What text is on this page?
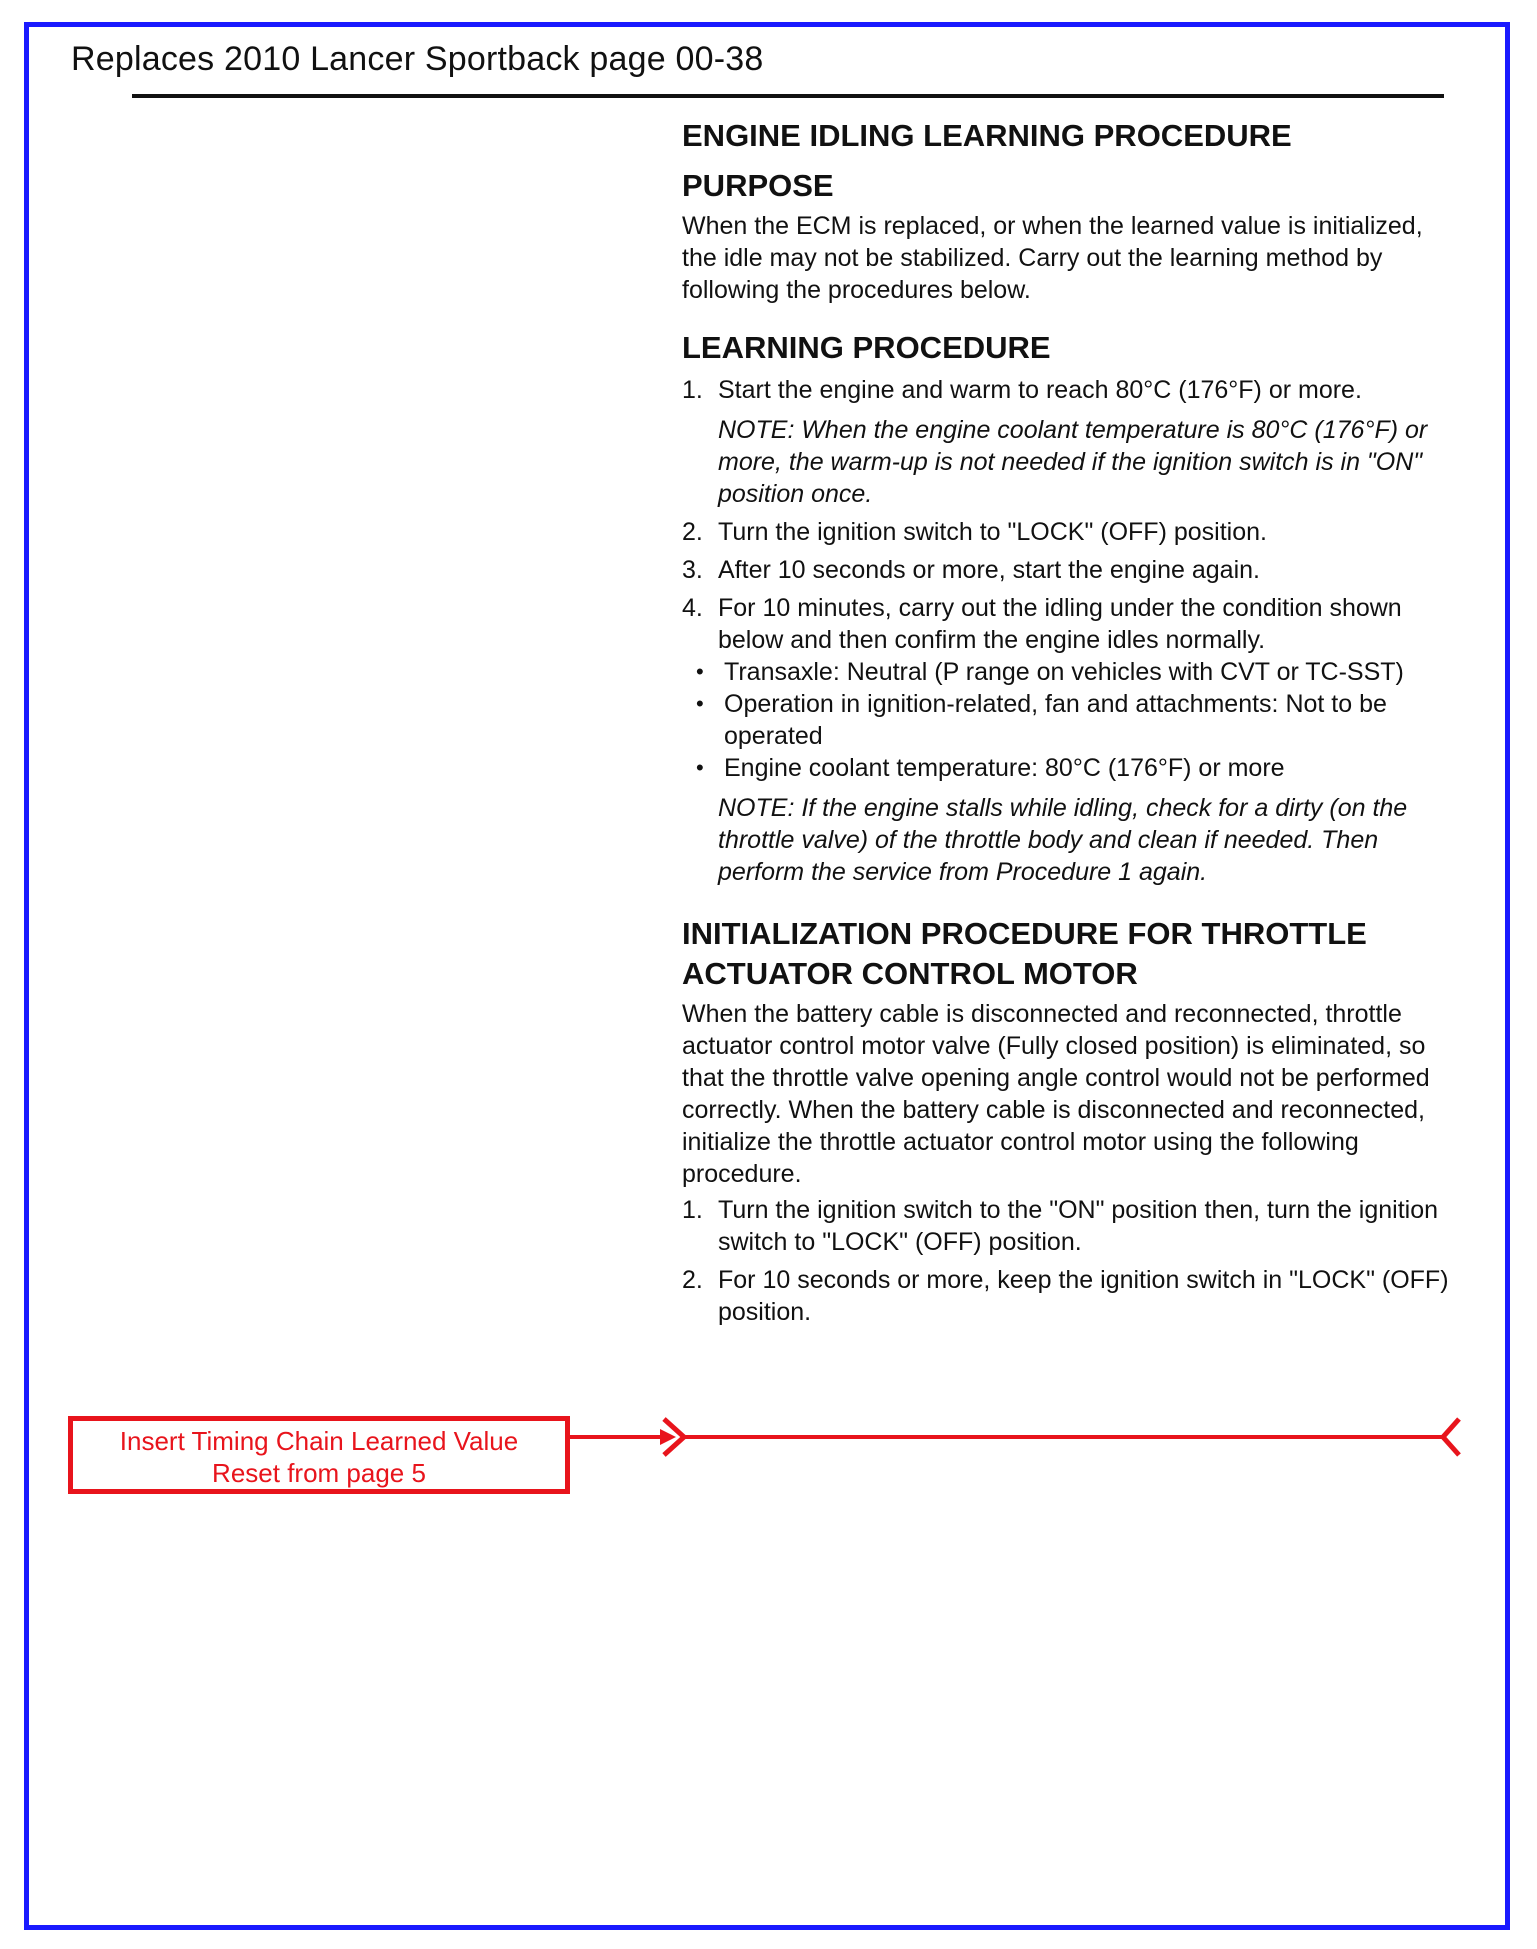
Replaces 2010 Lancer Sportback page 00-38
ENGINE IDLING LEARNING PROCEDURE
PURPOSE

When the ECM is replaced, or when the learned value is initialized, the idle may not be stabilized. Carry out the learning method by following the procedures below.

LEARNING PROCEDURE
1. Start the engine and warm to reach 80°C (176°F) or more.

NOTE: When the engine coolant temperature is 80°C (176°F) or more, the warm-up is not needed if the ignition switch is in "ON" position once.

2. Turn the ignition switch to "LOCK" (OFF) position.
3. After 10 seconds or more, start the engine again.
4. For 10 minutes, carry out the idling under the condition shown below and then confirm the engine idles normally.
• Transaxle: Neutral (P range on vehicles with CVT or TC-SST)
• Operation in ignition-related, fan and attachments: Not to be operated
• Engine coolant temperature: 80°C (176°F) or more

NOTE: If the engine stalls while idling, check for a dirty (on the throttle valve) of the throttle body and clean if needed. Then perform the service from Procedure 1 again.

INITIALIZATION PROCEDURE FOR THROTTLE ACTUATOR CONTROL MOTOR

When the battery cable is disconnected and reconnected, throttle actuator control motor valve (Fully closed position) is eliminated, so that the throttle valve opening angle control would not be performed correctly. When the battery cable is disconnected and reconnected, initialize the throttle actuator control motor using the following procedure.

1. Turn the ignition switch to the "ON" position then, turn the ignition switch to "LOCK" (OFF) position.
2. For 10 seconds or more, keep the ignition switch in "LOCK" (OFF) position.
Insert Timing Chain Learned Value
Reset from page 5
